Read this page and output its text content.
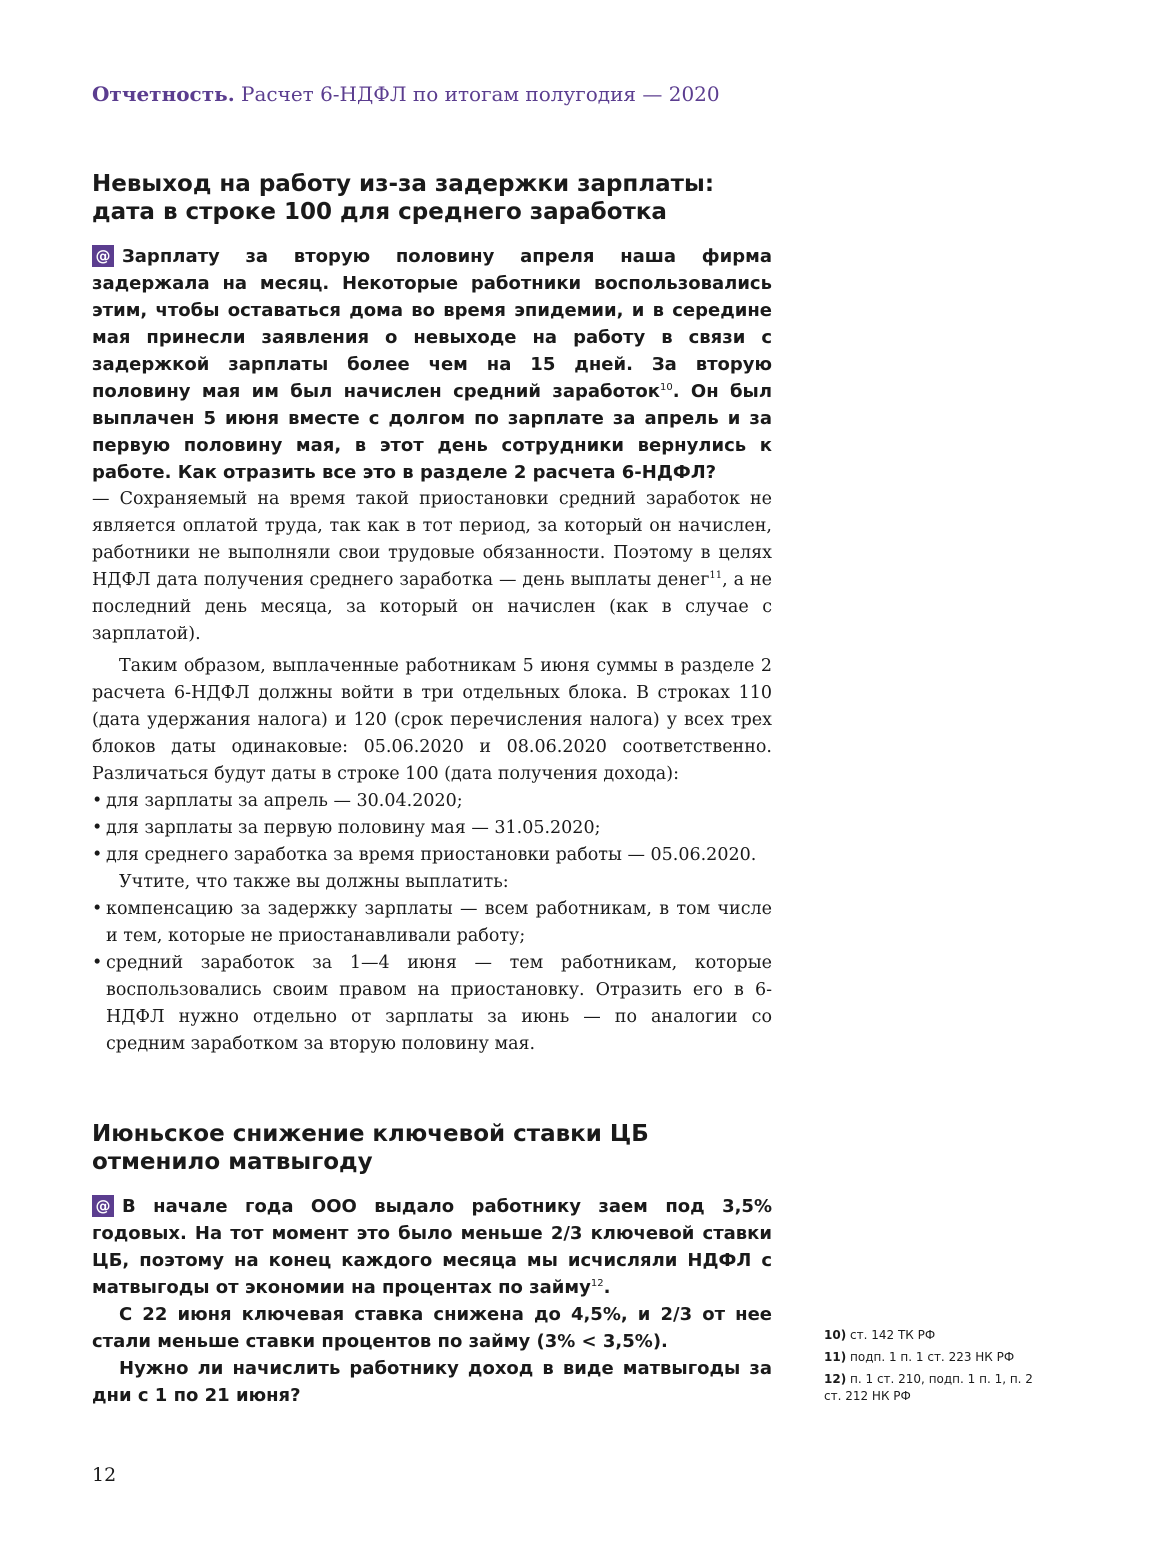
Отчетность. Расчет 6-НДФЛ по итогам полугодия — 2020
Невыход на работу из-за задержки зарплаты:
дата в строке 100 для среднего заработка

@ Зарплату за вторую половину апреля наша фирма задержала на месяц. Некоторые работники воспользовались этим, чтобы оставаться дома во время эпидемии, и в середине мая принесли заявления о невыходе на работу в связи с задержкой зарплаты более чем на 15 дней. За вторую половину мая им был начислен средний заработок$^{10}$. Он был выплачен 5 июня вместе с долгом по зарплате за апрель и за первую половину мая, в этот день сотрудники вернулись к работе. Как отразить все это в разделе 2 расчета 6-НДФЛ?

— Сохраняемый на время такой приостановки средний заработок не является оплатой труда, так как в тот период, за который он начислен, работники не выполняли свои трудовые обязанности. Поэтому в целях НДФЛ дата получения среднего заработка — день выплаты денег$^{11}$, а не последний день месяца, за который он начислен (как в случае с зарплатой).

Таким образом, выплаченные работникам 5 июня суммы в разделе 2 расчета 6-НДФЛ должны войти в три отдельных блока. В строках 110 (дата удержания налога) и 120 (срок перечисления налога) у всех трех блоков даты одинаковые: 05.06.2020 и 08.06.2020 соответственно. Различаться будут даты в строке 100 (дата получения дохода):

• для зарплаты за апрель — 30.04.2020;
• для зарплаты за первую половину мая — 31.05.2020;
• для среднего заработка за время приостановки работы — 05.06.2020.

Учтите, что также вы должны выплатить:

• компенсацию за задержку зарплаты — всем работникам, в том числе и тем, которые не приостанавливали работу;
• средний заработок за 1—4 июня — тем работникам, которые воспользовались своим правом на приостановку. Отразить его в 6-НДФЛ нужно отдельно от зарплаты за июнь — по аналогии со средним заработком за вторую половину мая.
Июньское снижение ключевой ставки ЦБ
отменило матвыгоду
@ В начале года ООО выдало работнику заем под 3,5% годовых. На тот момент это было меньше 2/3 ключевой ставки ЦБ, поэтому на конец каждого месяца мы исчисляли НДФЛ с матвыгоды от экономии на процентах по займу$^{12}$.
С 22 июня ключевая ставка снижена до 4,5%, и 2/3 от нее стали меньше ставки процентов по займу (3% < 3,5%).
Нужно ли начислить работнику доход в виде матвыгоды за дни с 1 по 21 июня?
10) ст. 142 ТК РФ
11) подп. 1 п. 1 ст. 223 НК РФ
12) п. 1 ст. 210, подп. 1 п. 1, п. 2 ст. 212 НК РФ
12
